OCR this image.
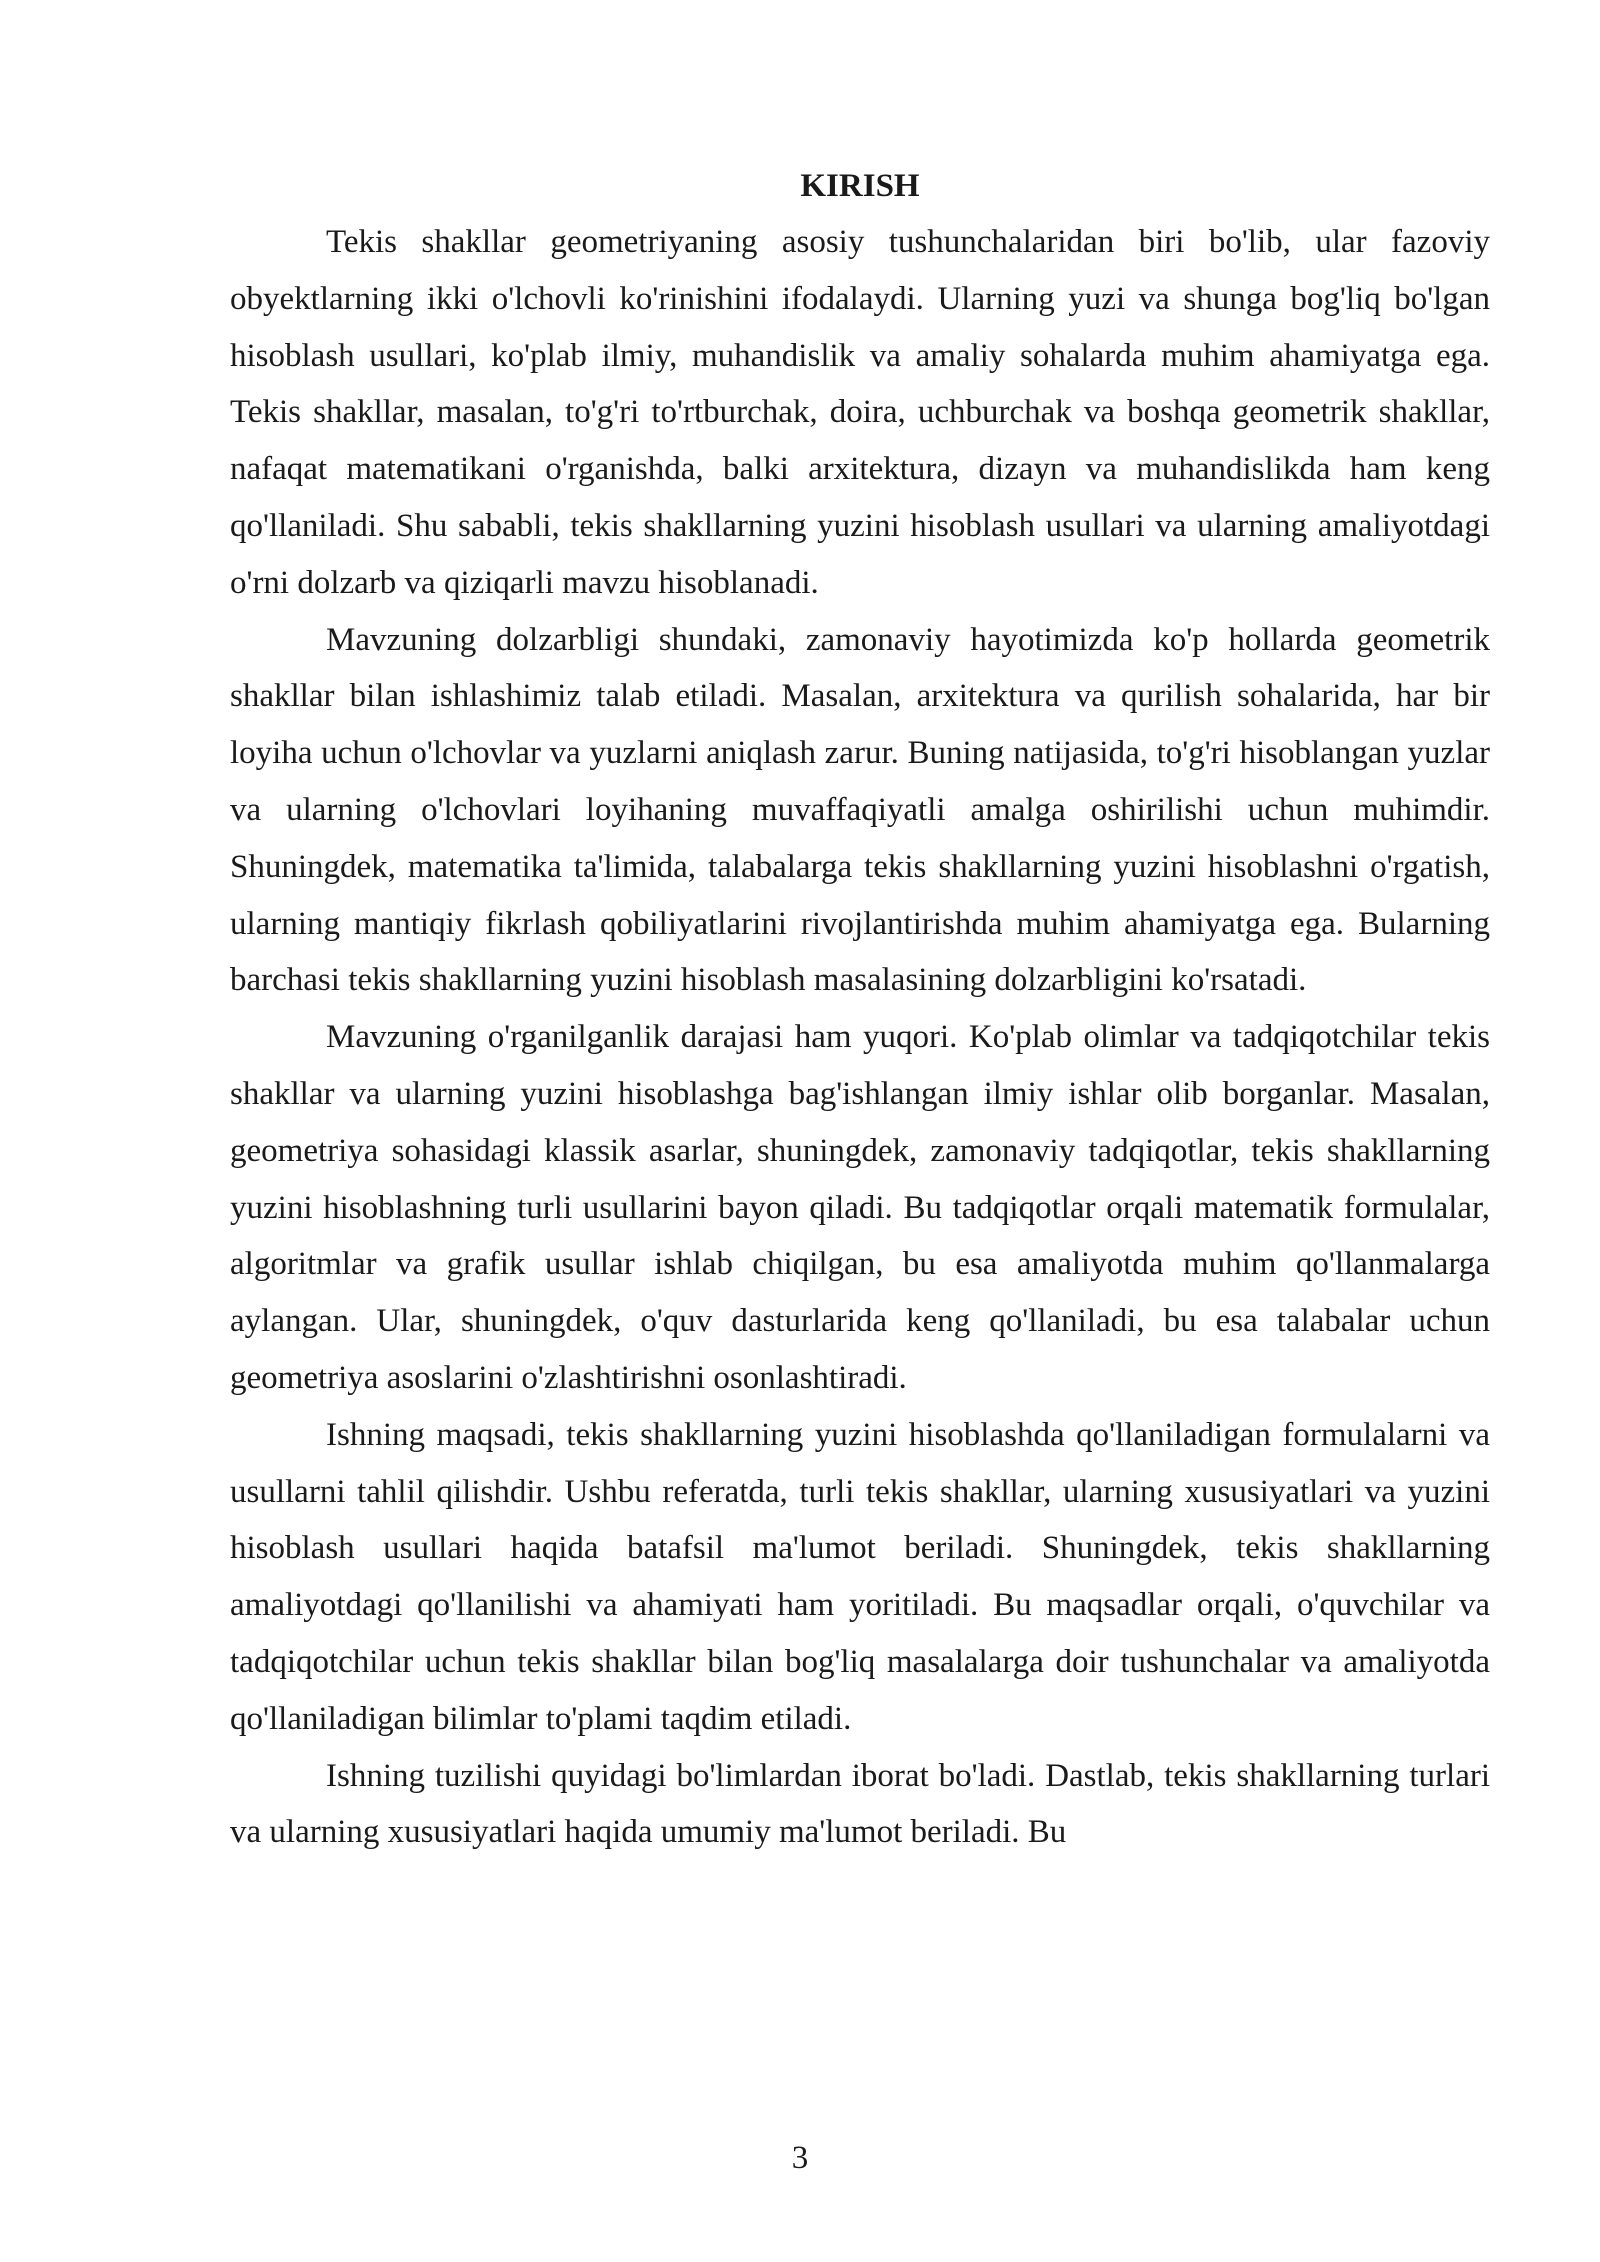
KIRISH

Tekis shakllar geometriyaning asosiy tushunchalaridan biri bo'lib, ular fazoviy obyektlarning ikki o'lchovli ko'rinishini ifodalaydi. Ularning yuzi va shunga bog'liq bo'lgan hisoblash usullari, ko'plab ilmiy, muhandislik va amaliy sohalarda muhim ahamiyatga ega. Tekis shakllar, masalan, to'g'ri to'rtburchak, doira, uchburchak va boshqa geometrik shakllar, nafaqat matematikani o'rganishda, balki arxitektura, dizayn va muhandislikda ham keng qo'llaniladi. Shu sababli, tekis shakllarning yuzini hisoblash usullari va ularning amaliyotdagi o'rni dolzarb va qiziqarli mavzu hisoblanadi.

Mavzuning dolzarbligi shundaki, zamonaviy hayotimizda ko'p hollarda geometrik shakllar bilan ishlashimiz talab etiladi. Masalan, arxitektura va qurilish sohalarida, har bir loyiha uchun o'lchovlar va yuzlarni aniqlash zarur. Buning natijasida, to'g'ri hisoblangan yuzlar va ularning o'lchovlari loyihaning muvaffaqiyatli amalga oshirilishi uchun muhimdir. Shuningdek, matematika ta'limida, talabalarga tekis shakllarning yuzini hisoblashni o'rgatish, ularning mantiqiy fikrlash qobiliyatlarini rivojlantirishda muhim ahamiyatga ega. Bularning barchasi tekis shakllarning yuzini hisoblash masalasining dolzarbligini ko'rsatadi.

Mavzuning o'rganilganlik darajasi ham yuqori. Ko'plab olimlar va tadqiqotchilar tekis shakllar va ularning yuzini hisoblashga bag'ishlangan ilmiy ishlar olib borganlar. Masalan, geometriya sohasidagi klassik asarlar, shuningdek, zamonaviy tadqiqotlar, tekis shakllarning yuzini hisoblashning turli usullarini bayon qiladi. Bu tadqiqotlar orqali matematik formulalar, algoritmlar va grafik usullar ishlab chiqilgan, bu esa amaliyotda muhim qo'llanmalarga aylangan. Ular, shuningdek, o'quv dasturlarida keng qo'llaniladi, bu esa talabalar uchun geometriya asoslarini o'zlashtirishni osonlashtiradi.

Ishning maqsadi, tekis shakllarning yuzini hisoblashda qo'llaniladigan formulalarni va usullarni tahlil qilishdir. Ushbu referatda, turli tekis shakllar, ularning xususiyatlari va yuzini hisoblash usullari haqida batafsil ma'lumot beriladi. Shuningdek, tekis shakllarning amaliyotdagi qo'llanilishi va ahamiyati ham yoritiladi. Bu maqsadlar orqali, o'quvchilar va tadqiqotchilar uchun tekis shakllar bilan bog'liq masalalarga doir tushunchalar va amaliyotda qo'llaniladigan bilimlar to'plami taqdim etiladi.

Ishning tuzilishi quyidagi bo'limlardan iborat bo'ladi. Dastlab, tekis shakllarning turlari va ularning xususiyatlari haqida umumiy ma'lumot beriladi. Bu

3
